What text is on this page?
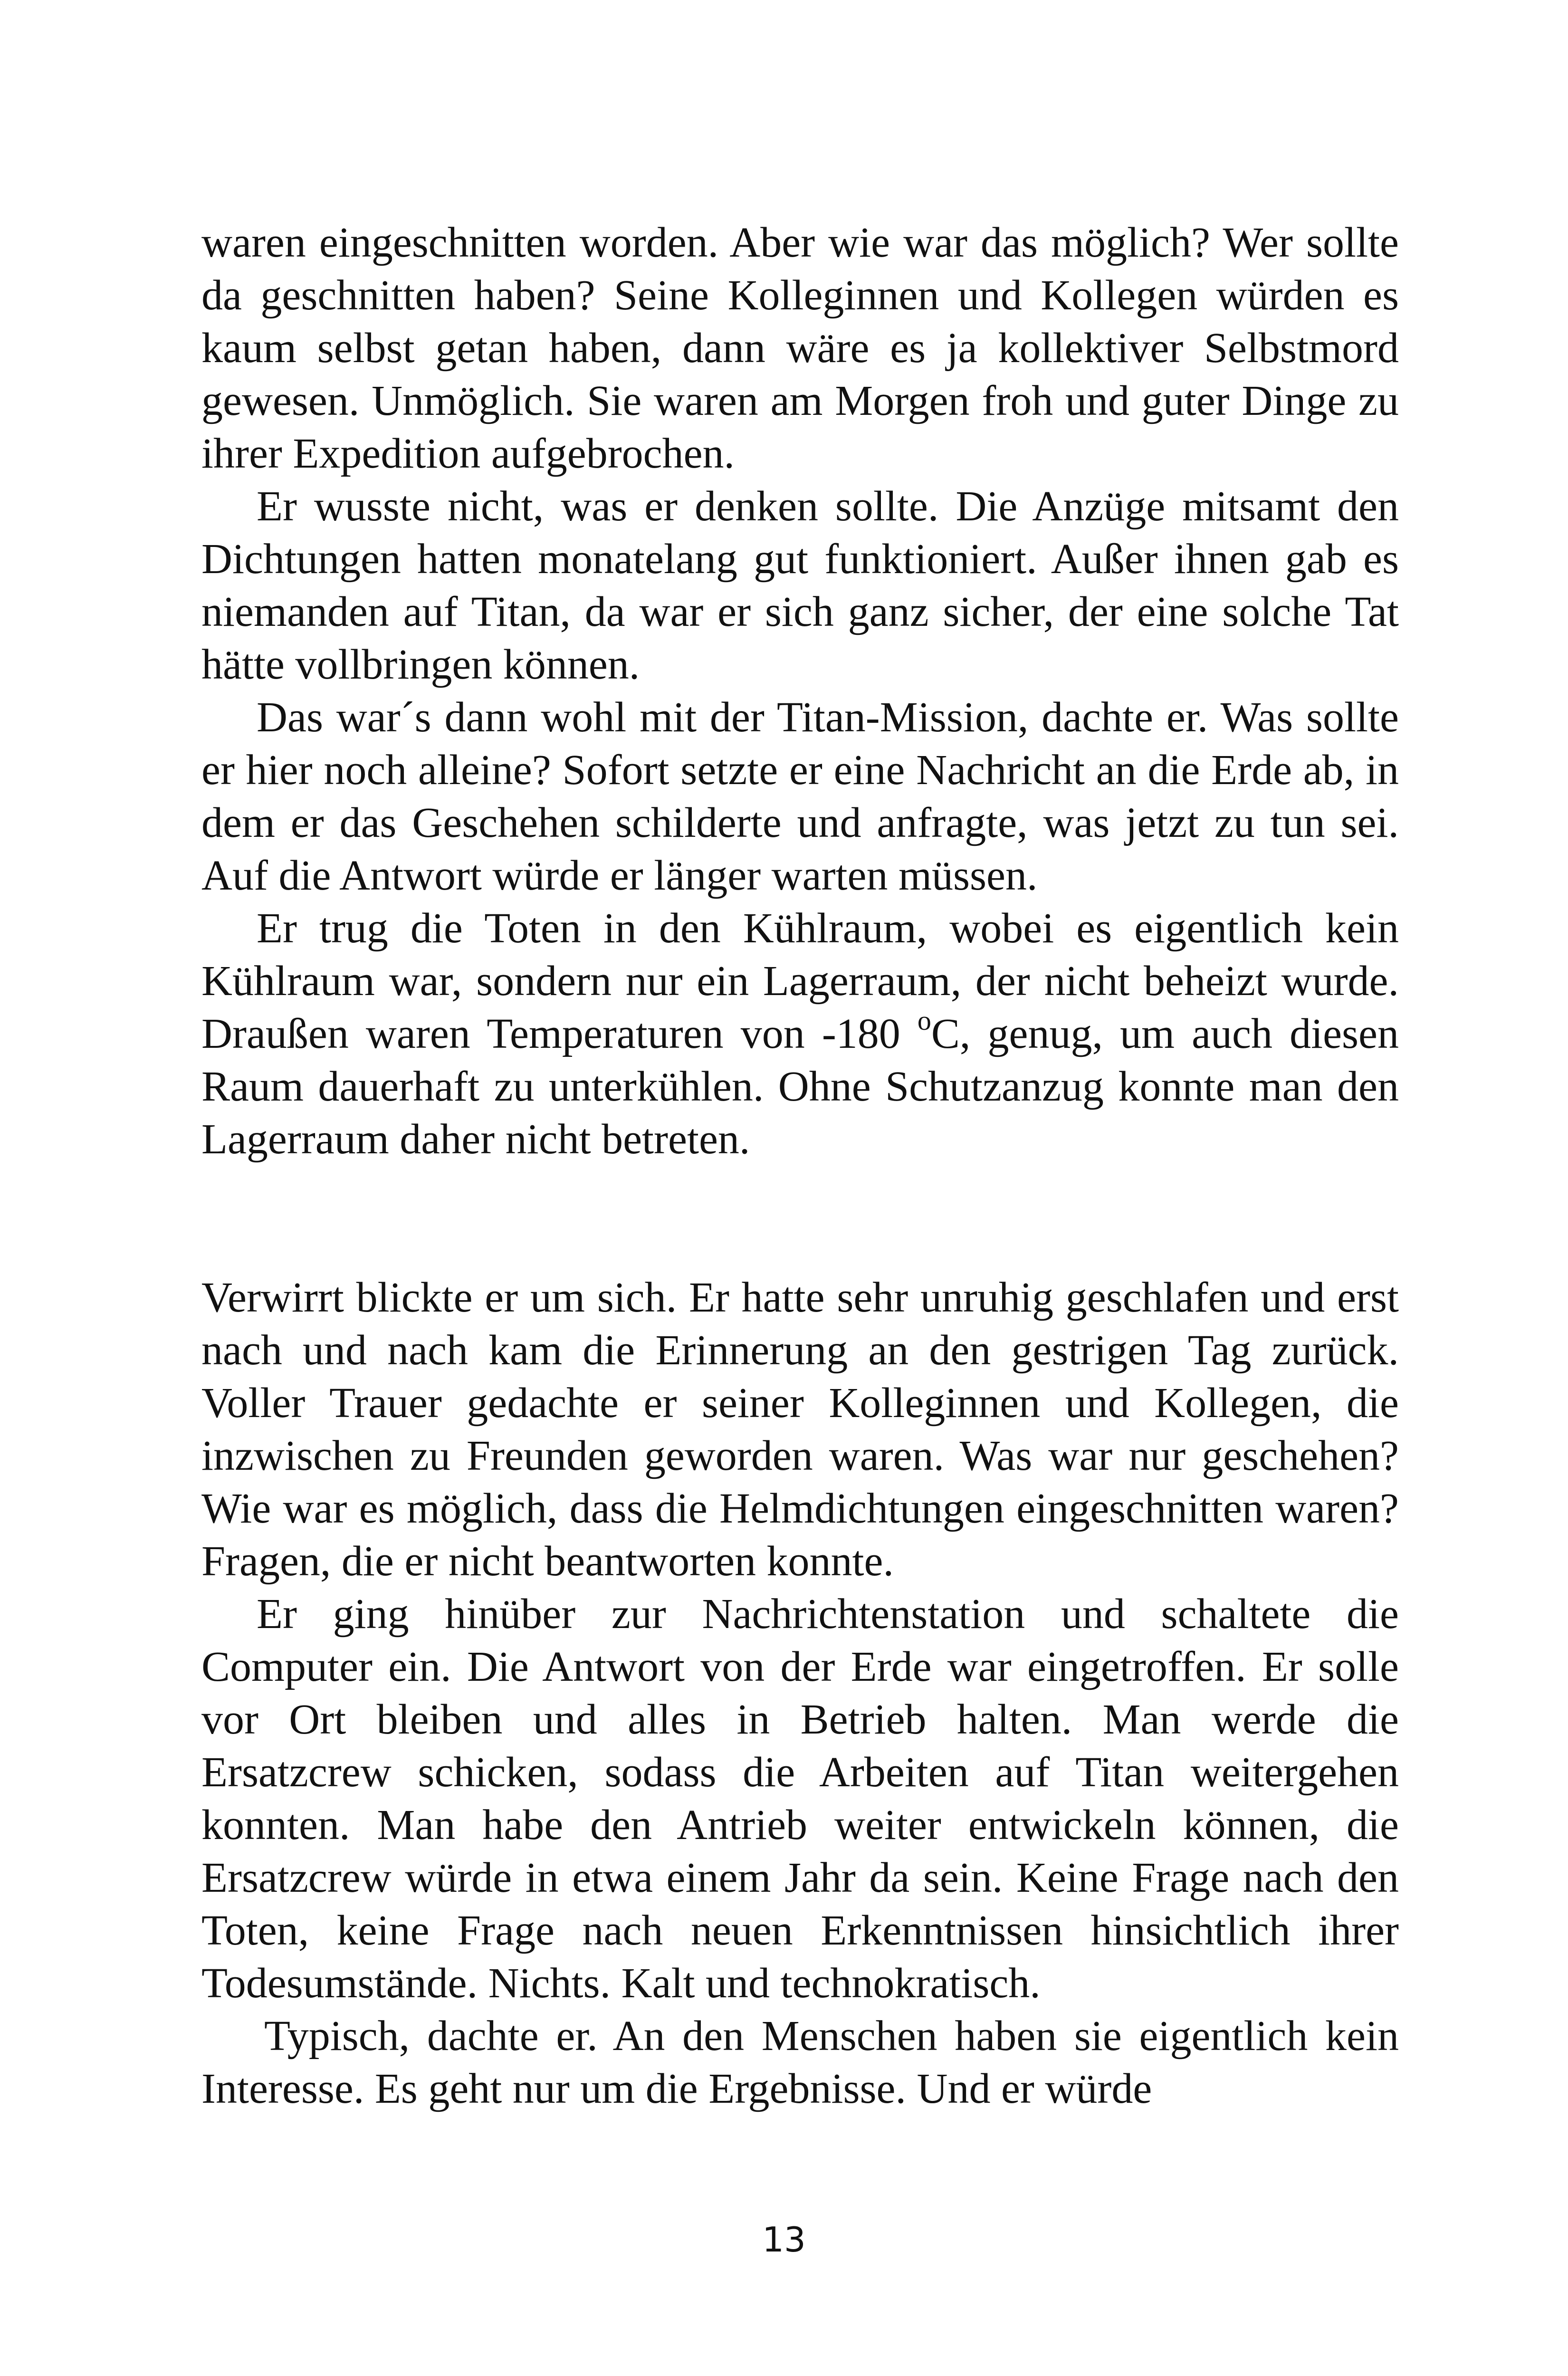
waren eingeschnitten worden. Aber wie war das möglich? Wer sollte da geschnitten haben? Seine Kolleginnen und Kollegen würden es kaum selbst getan haben, dann wäre es ja kollektiver Selbstmord gewesen. Unmöglich. Sie waren am Morgen froh und guter Dinge zu ihrer Expedition aufgebrochen.

Er wusste nicht, was er denken sollte. Die Anzüge mitsamt den Dichtungen hatten monatelang gut funktioniert. Außer ihnen gab es niemanden auf Titan, da war er sich ganz sicher, der eine solche Tat hätte vollbringen können.

Das war´s dann wohl mit der Titan-Mission, dachte er. Was sollte er hier noch alleine? Sofort setzte er eine Nachricht an die Erde ab, in dem er das Geschehen schilderte und anfragte, was jetzt zu tun sei. Auf die Antwort würde er länger warten müssen.

Er trug die Toten in den Kühlraum, wobei es eigentlich kein Kühlraum war, sondern nur ein Lagerraum, der nicht beheizt wurde. Draußen waren Temperaturen von -180 $^o$C, genug, um auch diesen Raum dauerhaft zu unterkühlen. Ohne Schutzanzug konnte man den Lagerraum daher nicht betreten.

Verwirrt blickte er um sich. Er hatte sehr unruhig geschlafen und erst nach und nach kam die Erinnerung an den gestrigen Tag zurück. Voller Trauer gedachte er seiner Kolleginnen und Kollegen, die inzwischen zu Freunden geworden waren. Was war nur geschehen? Wie war es möglich, dass die Helmdichtungen eingeschnitten waren? Fragen, die er nicht beantworten konnte.

Er ging hinüber zur Nachrichtenstation und schaltete die Computer ein. Die Antwort von der Erde war eingetroffen. Er solle vor Ort bleiben und alles in Betrieb halten. Man werde die Ersatzcrew schicken, sodass die Arbeiten auf Titan weitergehen konnten. Man habe den Antrieb weiter entwickeln können, die Ersatzcrew würde in etwa einem Jahr da sein. Keine Frage nach den Toten, keine Frage nach neuen Erkenntnissen hinsichtlich ihrer Todesumstände. Nichts. Kalt und technokratisch.

Typisch, dachte er. An den Menschen haben sie eigentlich kein Interesse. Es geht nur um die Ergebnisse. Und er würde

13
